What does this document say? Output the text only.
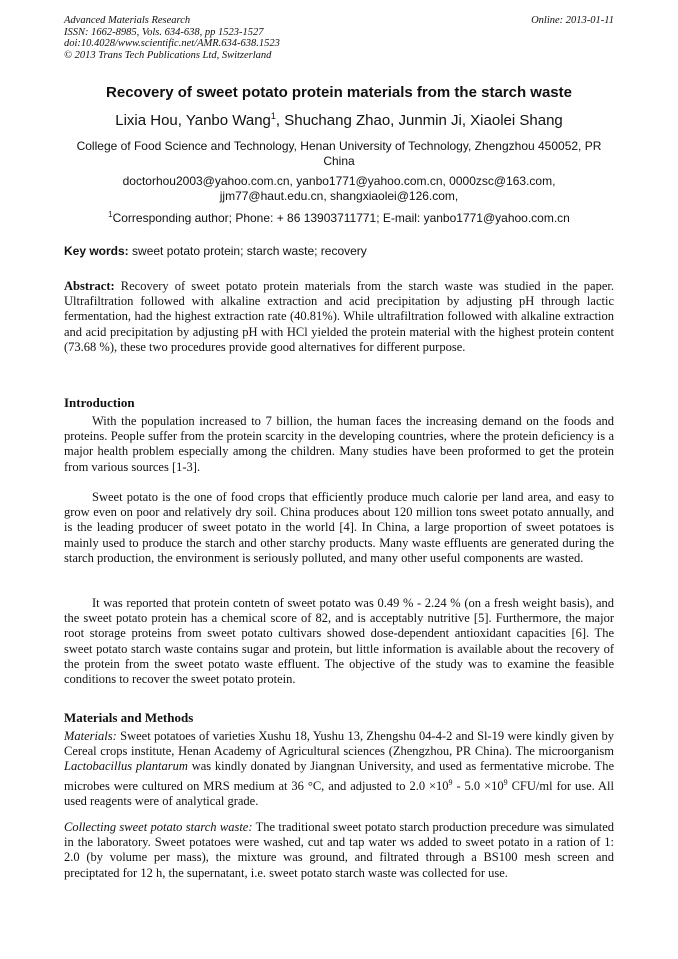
Advanced Materials Research
ISSN: 1662-8985, Vols. 634-638, pp 1523-1527
doi:10.4028/www.scientific.net/AMR.634-638.1523
© 2013 Trans Tech Publications Ltd, Switzerland
Online: 2013-01-11
Recovery of sweet potato protein materials from the starch waste
Lixia Hou, Yanbo Wang$^1$, Shuchang Zhao, Junmin Ji, Xiaolei Shang
College of Food Science and Technology, Henan University of Technology, Zhengzhou 450052, PR China
doctorhou2003@yahoo.com.cn, yanbo1771@yahoo.com.cn, 0000zsc@163.com,
jjm77@haut.edu.cn, shangxiaolei@126.com,
$^1$Corresponding author; Phone: + 86 13903711771; E-mail: yanbo1771@yahoo.com.cn
Key words: sweet potato protein; starch waste; recovery
Abstract: Recovery of sweet potato protein materials from the starch waste was studied in the paper. Ultrafiltration followed with alkaline extraction and acid precipitation by adjusting pH through lactic fermentation, had the highest extraction rate (40.81%). While ultrafiltration followed with alkaline extraction and acid precipitation by adjusting pH with HCl yielded the protein material with the highest protein content (73.68 %), these two procedures provide good alternatives for different purpose.
Introduction
With the population increased to 7 billion, the human faces the increasing demand on the foods and proteins. People suffer from the protein scarcity in the developing countries, where the protein deficiency is a major health problem especially among the children. Many studies have been proformed to get the protein from various sources [1-3].
Sweet potato is the one of food crops that efficiently produce much calorie per land area, and easy to grow even on poor and relatively dry soil. China produces about 120 million tons sweet potato annually, and is the leading producer of sweet potato in the world [4]. In China, a large proportion of sweet potatoes is mainly used to produce the starch and other starchy products. Many waste effluents are generated during the starch production, the environment is seriously polluted, and many other useful components are wasted.
It was reported that protein contetn of sweet potato was 0.49 % - 2.24 % (on a fresh weight basis), and the sweet potato protein has a chemical score of 82, and is acceptably nutritive [5]. Furthermore, the major root storage proteins from sweet potato cultivars showed dose-dependent antioxidant capacities [6]. The sweet potato starch waste contains sugar and protein, but little information is available about the recovery of the protein from the sweet potato waste effluent. The objective of the study was to examine the feasible conditions to recover the sweet potato protein.
Materials and Methods
Materials: Sweet potatoes of varieties Xushu 18, Yushu 13, Zhengshu 04-4-2 and Sl-19 were kindly given by Cereal crops institute, Henan Academy of Agricultural sciences (Zhengzhou, PR China). The microorganism Lactobacillus plantarum was kindly donated by Jiangnan University, and used as fermentative microbe. The microbes were cultured on MRS medium at 36 °C, and adjusted to $2.0 \times 10^9 - 5.0 \times 10^9$ CFU/ml for use. All used reagents were of analytical grade.
Collecting sweet potato starch waste: The traditional sweet potato starch production precedure was simulated in the laboratory. Sweet potatoes were washed, cut and tap water ws added to sweet potato in a ration of 1: 2.0 (by volume per mass), the mixture was ground, and filtrated through a BS100 mesh screen and preciptated for 12 h, the supernatant, i.e. sweet potato starch waste was collected for use.
